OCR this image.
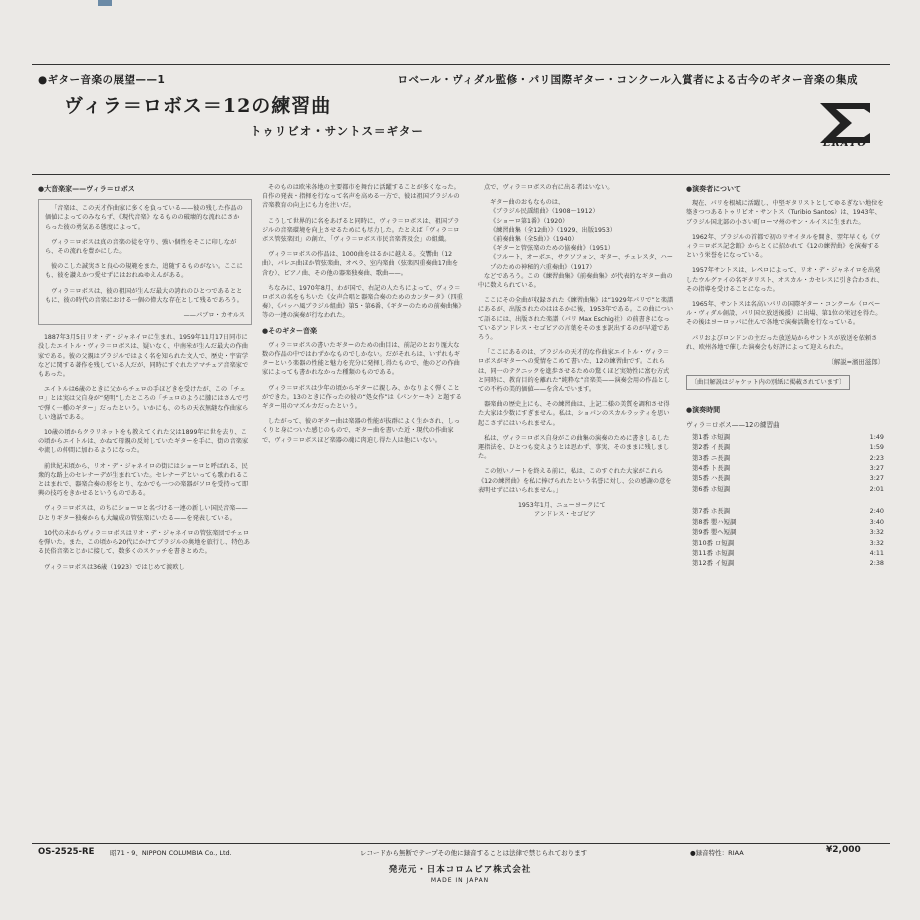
●ギター音楽の展望——1	ロベール・ヴィダル監修・パリ国際ギター・コンクール入賞者による古今のギター音楽の集成
ヴィラ＝ロボス＝12の練習曲
トゥリビオ・サントス＝ギター
ERATO
●大音楽家——ヴィラ＝ロボス

「音楽は、この天才作曲家に多くを負っている——彼の残した作品の価値によってのみならず、《現代音楽》なるものの破壊的な流れにさからった彼の勇気ある態度によって。

ヴィラ＝ロボスは真の音楽の徒を守り、強い個性をそこに印しながら、その流れを豊かにした。

彼のこした誠実さと良心の規範をまた、追随するものがない。ここにも、彼を讃えかつ愛せずにはおれぬゆえんがある。

ヴィラ＝ロボスは、彼の祖国が生んだ最大の誇れのひとつであるとともに、彼の時代の音楽における一個の偉大な存在として残るであろう。

——パブロ・カサルス

1887年3月5日リオ・デ・ジャネイロに生まれ、1959年11月17日同市に没したエイトル・ヴィラ＝ロボスは、疑いなく、中南米が生んだ最大の作曲家である。彼の父親はブラジルではよく名を知られた文人で、歴史・宇宙学などに関する著作を残している人だが、同時にすぐれたアマチュア音楽家でもあった。

エイトルは6歳のときに父からチェロの手ほどきを受けたが、この「チェロ」とは実は父自身が“発明”したところの「チェロのように膝にはさんで弓で弾く一種のギター」だったという。いかにも、のちの天衣無縫な作曲家らしい逸話である。

10歳の頃からクラリネットをも教えてくれた父は1899年に世を去り、この頃からエイトルは、かねて母親の反対していたギターを手に、街の音楽家や流しの仲間に加わるようになった。

前世紀末頃から、リオ・デ・ジャネイロの街にはショーロと呼ばれる、民衆的な路上のセレナーデが生まれていた。セレナーデといっても歌われることはまれで、器楽合奏の形をとり、なかでも一つの楽器がソロを受持って即興の技巧をきかせるというものである。

ヴィラ＝ロボスは、のちにショーロと名づける一連の新しい国民音楽——ひとりギター独奏からも大編成の管弦楽にいたる——を発表している。

10代の末からヴィラ＝ロボスはリオ・デ・ジャネイロの管弦楽団でチェロを弾いた。また、この頃から20代にかけてブラジルの奥地を旅行し、特色ある民俗音楽とじかに接して、数多くのスケッチを書きとめた。

ヴィラ＝ロボスは36歳（1923）ではじめて渡欧し

そのものは欧米各地の主要都市を舞台に活躍することが多くなった。自作の発表・指揮を行なって名声を高める一方で、彼は祖国ブラジルの音楽教育の向上にも力を注いだ。

こうして世界的に名をあげると同時に、ヴィラ＝ロボスは、祖国ブラジルの音楽環境を向上させるためにも尽力した。たとえば「ヴィラ＝ロボス管弦楽団」の創立、「ヴィラ＝ロボス市民音楽普及会」の組織。

ヴィラ＝ロボスの作品は、1000曲をはるかに越える。交響曲（12曲）、バレエ曲ほか管弦楽曲、オペラ、室内楽曲（弦楽四重奏曲17曲を含む）、ピアノ曲、その他の器楽独奏曲、歌曲——。

ちなみに、1970年8月、わが国で、右記の人たちによって、ヴィラ＝ロボスの名をもちいた《女声合唱と器楽合奏のためのカンタータ》（四重奏）、《バッハ風ブラジル組曲》第5・第6番、《ギターのための前奏曲集》等の一連の演奏が行なわれた。

●そのギター音楽

ヴィラ＝ロボスの書いたギターのための曲目は、前記のとおり厖大な数の作品の中ではわずかなものでしかない。だがそれらは、いずれもギターという楽器の性能と魅力を充分に発揮し得たもので、他のどの作曲家によっても書かれなかった種類のものである。

ヴィラ＝ロボスは少年の頃からギターに親しみ、かなりよく弾くことができた。13のときに作ったの彼の“処女作”は《パンケーキ》と題するギター用のマズルカだったという。

したがって、彼のギター曲は楽器の性能が抜群によく生かされ、しっくりと身についた感じのもので、ギター曲を書いた近・現代の作曲家で、ヴィラ＝ロボスほど楽器の魂に肉迫し得た人は他にいない。

点で、ヴィラ＝ロボスの右に出る者はいない。

ギター曲のおもなものは、
《ブラジル民謡組曲》（1908〜1912）
《ショーロ第1番》（1920）
《練習曲集（全12曲）》（1929、出版1953）
《前奏曲集（全5曲）》（1940）
《ギターと管弦楽のための協奏曲》（1951）
《フルート、オーボエ、サクソフォン、ギター、チェレスタ、ハープのための神秘的六重奏曲》（1917）

などであろう。この《練習曲集》《前奏曲集》が代表的なギター曲の中に数えられている。

ここにその全曲が収録された《練習曲集》は“1929年パリで”と楽譜にあるが、出版されたのははるかに後、1953年である。この曲について語るには、出版された楽譜（パリ Max Eschig社）の前書きになっているアンドレス・セゴビアの言葉をそのまま訳出するのが早道であろう。

「ここにあるのは、ブラジルの天才的な作曲家エイトル・ヴィラ＝ロボスがギターへの愛情をこめて書いた、12の練習曲です。これらは、同一のテクニックを進歩させるための驚くほど実効性に富む方式と同時に、教育目的を離れた“純粋な”音楽美——演奏会用の作品としての不朽の美的価値——を含んでいます。

器楽曲の歴史上にも、その練習曲は、上記二様の美質を調和させ得た大家は少数にすぎません。私は、ショパンのスカルラッティを思い起こさずにはいられません。

私は、ヴィラ＝ロボス自身がこの曲集の演奏のために書きしるした運指法を、ひとつも変えようとは思わず、事実、そのままに残しました。

この短いノートを終える前に、私は、このすぐれた大家がこれら《12の練習曲》を私に捧げられたという名誉に対し、公の感謝の意を表明せずにはいられません。」

1953年1月、ニューヨークにて
アンドレス・セゴビア
●演奏者について

現在、パリを根城に活躍し、中堅ギタリストとしてゆるぎない地位を築きつつあるトゥリビオ・サントス（Turibio Santos）は、1943年、ブラジル国北部の小さい町ローマ州のサン・ルイスに生まれた。

1962年、ブラジルの首都で初のリサイタルを開き、翌年早くも《ヴィラ＝ロボス記念館》からとくに招かれて《12の練習曲》を演奏するという栄誉をになっている。

1957年サントスは、レペロによって、リオ・デ・ジャネイロを出発したウルグァイの名ギタリスト、オスカル・カセレスに引き合わされ、その指導を受けることになった。

1965年、サントスは名高いパリの国際ギター・コンクール（ロベール・ヴィダル創設、パリ国立放送後援）に出場、第1位の栄冠を得た。その後はヨーロッパに住んで各地で演奏活動を行なっている。

パリおよびロンドンの主だった放送局からサントスが放送を依頼され、欧州各地で催した演奏会も好評によって迎えられた。

〔解説=濱田滋郎〕
〔曲目解説はジャケット内の別紙に掲載されています〕
●演奏時間
ヴィラ＝ロボス——12の練習曲
第1番 ホ短調	1:49
第2番 イ長調	1:59
第3番 ニ長調	2:23
第4番 ト長調	3:27
第5番 ハ長調	3:27
第6番 ホ短調	2:01
第7番 ホ長調	2:40
第8番 嬰ハ短調	3:40
第9番 嬰ヘ短調	3:32
第10番 ロ短調	3:32
第11番 ホ短調	4:11
第12番 イ短調	2:38
OS-2525-RE 昭71・9、NIPPON COLUMBIA Co., Ltd.	レコードから無断でテープその他に録音することは法律で禁じられております	●録音特性：RIAA	¥2,000
発売元・日本コロムビア株式会社
MADE IN JAPAN
